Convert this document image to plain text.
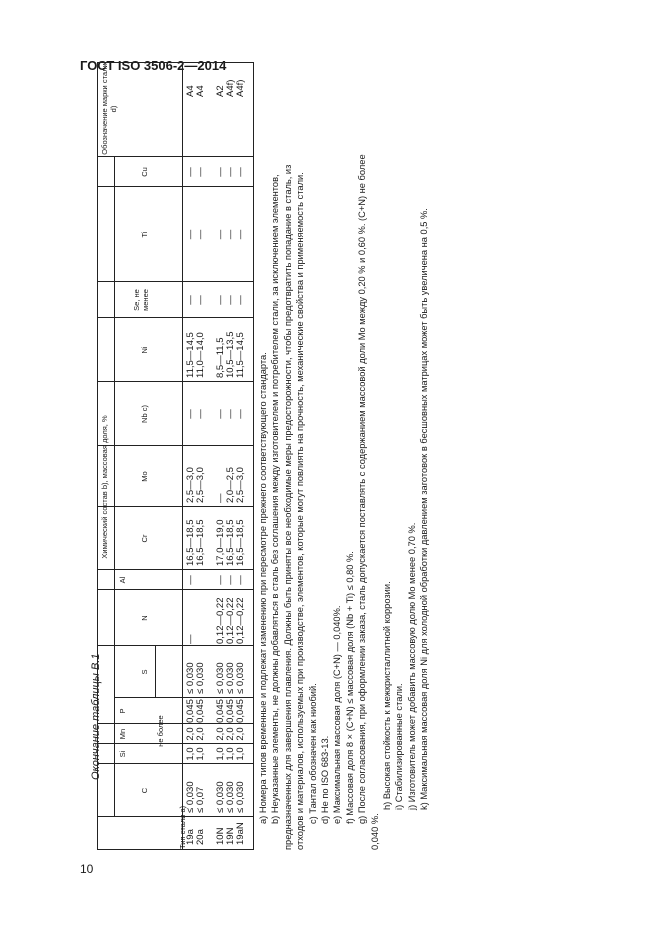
ГОСТ ISO 3506-2—2014
10
Окончание таблицы В.1
Тип стали a)
Химический состав b), массовая доля, %
C
Si
Mn
P
не более
S
N
Al
Cr
Mo
Nb c)
Ni
Se, не менее
Ti
Cu
Обозначение марки стали d)
19a
20a

10N
19N
19aN
≤ 0,030
≤ 0,07

≤ 0,030
≤ 0,030
≤ 0,030
1,0
1,0

1,0
1,0
1,0
2,0
2,0

2,0
2,0
2,0
0,045
0,045

0,045
0,045
0,045
≤ 0,030
≤ 0,030

≤ 0,030
≤ 0,030
≤ 0,030
—

0,12—0,22
0,12—0,22
0,12—0,22
—

—
—
—
16,5—18,5
16,5—18,5

17,0—19,0
16,5—18,5
16,5—18,5
2,5—3,0
2,5—3,0

—
2,0—2,5
2,5—3,0
—
—

—
—
—
11,5—14,5
11,0—14,0

8,5—11,5
10,5—13,5
11,5—14,5
—
—

—
—
—
—
—

—
—
—
—
—

—
—
—
А4
А4

А2
А4f)
А4f)

a) Номера типов временные и подлежат изменению при пересмотре прежнего соответствующего стандарта. b) Неуказанные элементы, не должны добавляться в сталь без соглашения между изготовителем и потребителем стали, за исключением элементов, предназначенных для завершения плавления. Должны быть приняты все необходимые меры предосторожности, чтобы предотвратить попадание в сталь, из отходов и материалов, используемых при производстве, элементов, которые могут повлиять на прочность, механические свойства и применяемость стали. c) Тантал обозначен как ниобий. d) Не по ISO 683-13. e) Максимальная массовая доля (C+N) — 0,040%. f) Массовая доля 8 × (C+N) ≤ массовая доля (Nb + Ti) ≤ 0,80 %. g) После согласования, при оформлении заказа, сталь допускается поставлять с содержанием массовой доли Mo между 0,20 % и 0,60 %. (C+N) не более

0,040 %.

h) Высокая стойкость к межкристаллитной коррозии. i) Стабилизированные стали. j) Изготовитель может добавить массовую долю Mo менее 0,70 %. k) Максимальная массовая доля Ni для холодной обработки давлением заготовок в бесшовных матрицах может быть увеличена на 0,5 %.
